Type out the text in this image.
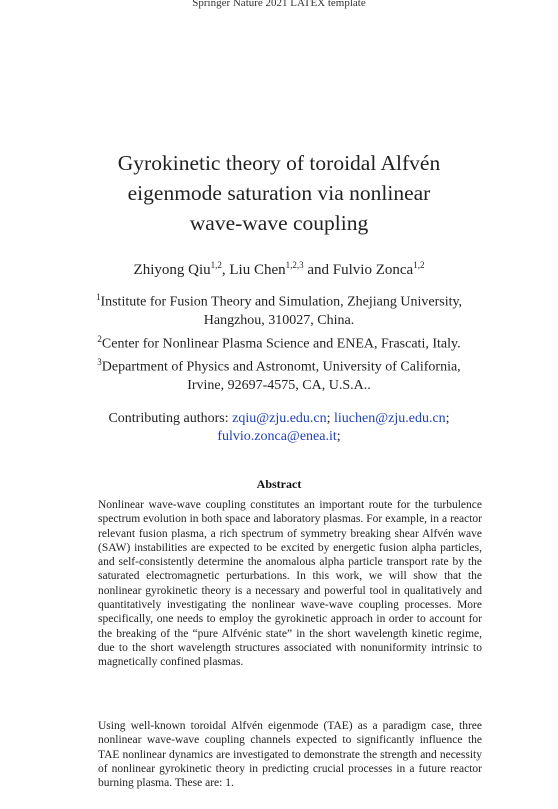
Springer Nature 2021 LATEX template
Gyrokinetic theory of toroidal Alfvén
eigenmode saturation via nonlinear
wave-wave coupling
Zhiyong Qiu$^{1,2}$, Liu Chen$^{1,2,3}$ and Fulvio Zonca$^{1,2}$
$^1$Institute for Fusion Theory and Simulation, Zhejiang University,
Hangzhou, 310027, China.
$^2$Center for Nonlinear Plasma Science and ENEA, Frascati, Italy.
$^3$Department of Physics and Astronomt, University of California,
Irvine, 92697-4575, CA, U.S.A..
Contributing authors: zqiu@zju.edu.cn; liuchen@zju.edu.cn; fulvio.zonca@enea.it;
Abstract
Nonlinear wave-wave coupling constitutes an important route for the turbulence spectrum evolution in both space and laboratory plasmas. For example, in a reactor relevant fusion plasma, a rich spectrum of symmetry breaking shear Alfvén wave (SAW) instabilities are expected to be excited by energetic fusion alpha particles, and self-consistently determine the anomalous alpha particle transport rate by the saturated electromagnetic perturbations. In this work, we will show that the nonlinear gyrokinetic theory is a necessary and powerful tool in qualitatively and quantitatively investigating the nonlinear wave-wave coupling processes. More specifically, one needs to employ the gyrokinetic approach in order to account for the breaking of the “pure Alfvénic state” in the short wavelength kinetic regime, due to the short wavelength structures associated with nonuniformity intrinsic to magnetically confined plasmas.
Using well-known toroidal Alfvén eigenmode (TAE) as a paradigm case, three nonlinear wave-wave coupling channels expected to significantly influence the TAE nonlinear dynamics are investigated to demonstrate the strength and necessity of nonlinear gyrokinetic theory in predicting crucial processes in a future reactor burning plasma. These are: 1.
